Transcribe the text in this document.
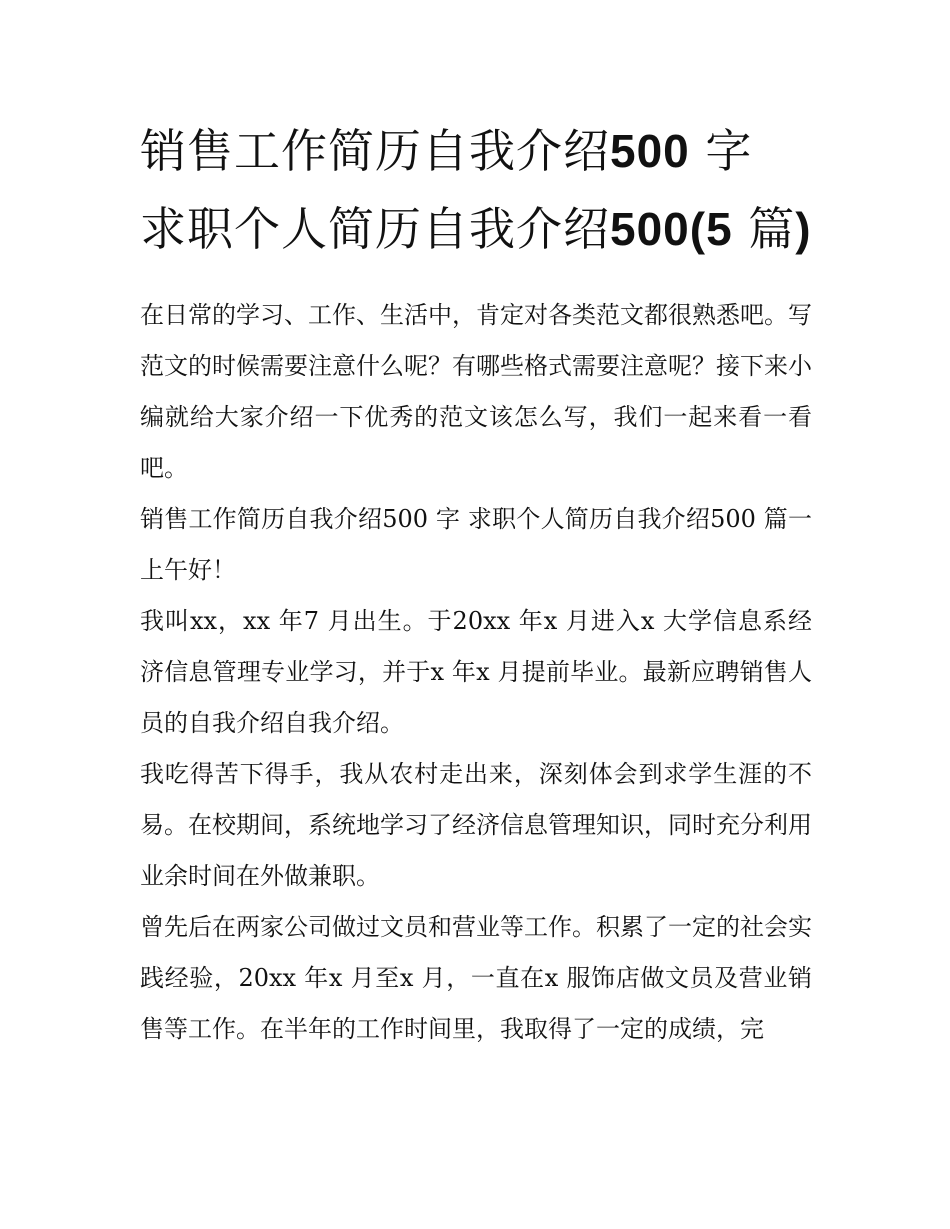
销售工作简历自我介绍500 字 求职个人简历自我介绍500(5 篇)

在日常的学习、工作、生活中，肯定对各类范文都很熟悉吧。写范文的时候需要注意什么呢？有哪些格式需要注意呢？接下来小编就给大家介绍一下优秀的范文该怎么写，我们一起来看一看吧。

销售工作简历自我介绍500 字 求职个人简历自我介绍500 篇一 上午好！

我叫xx，xx 年7 月出生。于20xx 年x 月进入x 大学信息系经济信息管理专业学习，并于x 年x 月提前毕业。最新应聘销售人员的自我介绍自我介绍。

我吃得苦下得手，我从农村走出来，深刻体会到求学生涯的不易。在校期间，系统地学习了经济信息管理知识，同时充分利用业余时间在外做兼职。

曾先后在两家公司做过文员和营业等工作。积累了一定的社会实践经验，20xx 年x 月至x 月，一直在x 服饰店做文员及营业销售等工作。在半年的工作时间里，我取得了一定的成绩，完
